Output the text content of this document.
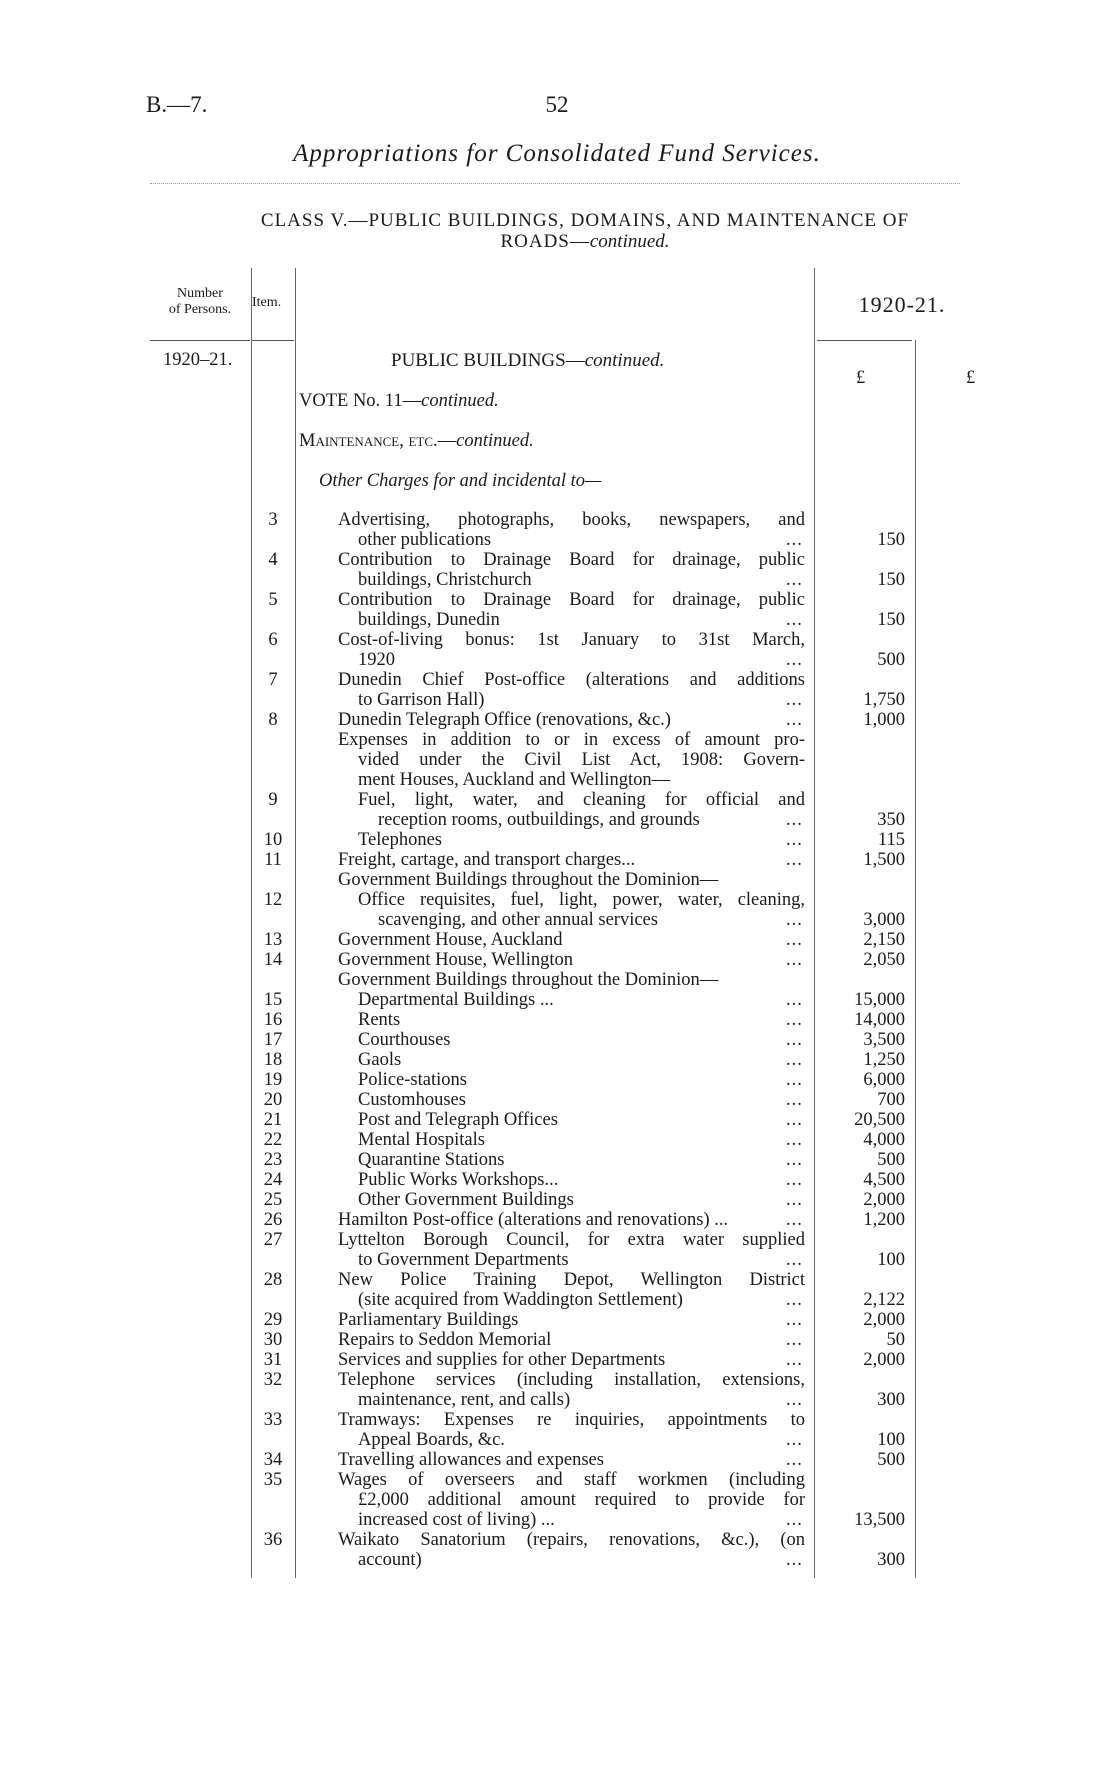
B.—7.	52
Appropriations for Consolidated Fund Services.
CLASS V.—PUBLIC BUILDINGS, DOMAINS, AND MAINTENANCE OF
ROADS—continued.
Number
of Persons.	Item.	1920-21.
1920–21.
£	£
PUBLIC BUILDINGS—continued.
VOTE No. 11—continued.
Maintenance, etc.—continued.
Other Charges for and incidental to—
3	Advertising, photographs, books, newspapers, and
other publications	...	150
4	Contribution to Drainage Board for drainage, public
buildings, Christchurch	...	150
5	Contribution to Drainage Board for drainage, public
buildings, Dunedin	...	150
6	Cost-of-living bonus: 1st January to 31st March,
1920	...	500
7	Dunedin Chief Post-office (alterations and additions
to Garrison Hall)	...	1,750
8	Dunedin Telegraph Office (renovations, &c.)	...	1,000
Expenses in addition to or in excess of amount pro-
vided under the Civil List Act, 1908: Govern-
ment Houses, Auckland and Wellington—
9	Fuel, light, water, and cleaning for official and
reception rooms, outbuildings, and grounds	...	350
10	Telephones	...	115
11	Freight, cartage, and transport charges...	...	1,500
Government Buildings throughout the Dominion—
12	Office requisites, fuel, light, power, water, cleaning,
scavenging, and other annual services	...	3,000
13	Government House, Auckland	...	2,150
14	Government House, Wellington	...	2,050
Government Buildings throughout the Dominion—
15	Departmental Buildings ...	...	15,000
16	Rents	...	14,000
17	Courthouses	...	3,500
18	Gaols	...	1,250
19	Police-stations	...	6,000
20	Customhouses	...	700
21	Post and Telegraph Offices	...	20,500
22	Mental Hospitals	...	4,000
23	Quarantine Stations	...	500
24	Public Works Workshops...	...	4,500
25	Other Government Buildings	...	2,000
26	Hamilton Post-office (alterations and renovations) ...	...	1,200
27	Lyttelton Borough Council, for extra water supplied
to Government Departments	...	100
28	New Police Training Depot, Wellington District
(site acquired from Waddington Settlement)	...	2,122
29	Parliamentary Buildings	...	2,000
30	Repairs to Seddon Memorial	...	50
31	Services and supplies for other Departments	...	2,000
32	Telephone services (including installation, extensions,
maintenance, rent, and calls)	...	300
33	Tramways: Expenses re inquiries, appointments to
Appeal Boards, &c.	...	100
34	Travelling allowances and expenses	...	500
35	Wages of overseers and staff workmen (including
£2,000 additional amount required to provide for
increased cost of living) ...	...	13,500
36	Waikato Sanatorium (repairs, renovations, &c.), (on
account)	...	300
